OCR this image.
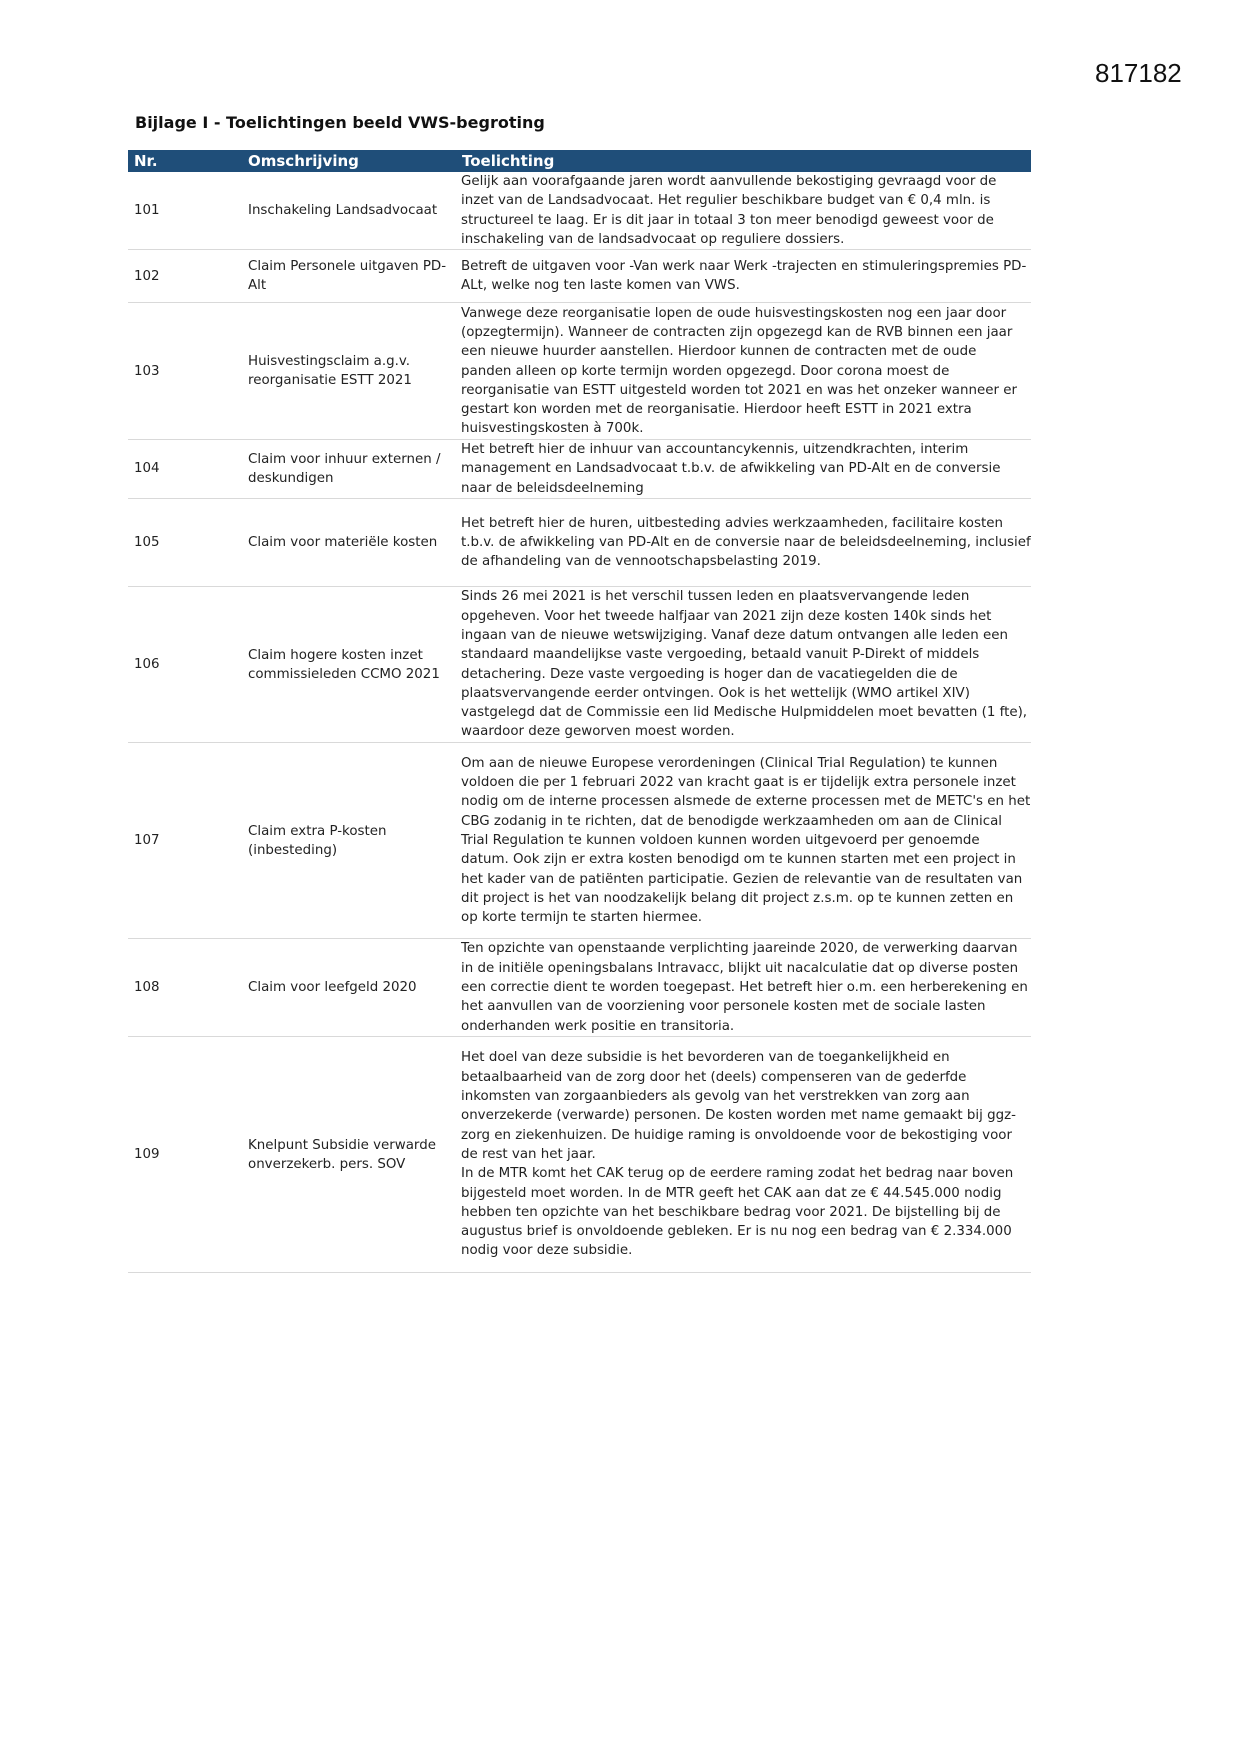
817182
Bijlage I - Toelichtingen beeld VWS-begroting
Nr.	Omschrijving	Toelichting
101	Inschakeling Landsadvocaat	Gelijk aan voorafgaande jaren wordt aanvullende bekostiging gevraagd voor de inzet van de Landsadvocaat. Het regulier beschikbare budget van € 0,4 mln. is structureel te laag. Er is dit jaar in totaal 3 ton meer benodigd geweest voor de inschakeling van de landsadvocaat op reguliere dossiers.
102	Claim Personele uitgaven PD-Alt	Betreft de uitgaven voor -Van werk naar Werk -trajecten en stimuleringspremies PD-ALt, welke nog ten laste komen van VWS.
103	Huisvestingsclaim a.g.v. reorganisatie ESTT 2021	Vanwege deze reorganisatie lopen de oude huisvestingskosten nog een jaar door (opzegtermijn). Wanneer de contracten zijn opgezegd kan de RVB binnen een jaar een nieuwe huurder aanstellen. Hierdoor kunnen de contracten met de oude panden alleen op korte termijn worden opgezegd. Door corona moest de reorganisatie van ESTT uitgesteld worden tot 2021 en was het onzeker wanneer er gestart kon worden met de reorganisatie. Hierdoor heeft ESTT in 2021 extra huisvestingskosten à 700k.
104	Claim voor inhuur externen / deskundigen	Het betreft hier de inhuur van accountancykennis, uitzendkrachten, interim management en Landsadvocaat t.b.v. de afwikkeling van PD-Alt en de conversie naar de beleidsdeelneming
105	Claim voor materiële kosten	Het betreft hier de huren, uitbesteding advies werkzaamheden, facilitaire kosten t.b.v. de afwikkeling van PD-Alt en de conversie naar de beleidsdeelneming, inclusief de afhandeling van de vennootschapsbelasting 2019.
106	Claim hogere kosten inzet commissieleden CCMO 2021	Sinds 26 mei 2021 is het verschil tussen leden en plaatsvervangende leden opgeheven. Voor het tweede halfjaar van 2021 zijn deze kosten 140k sinds het ingaan van de nieuwe wetswijziging. Vanaf deze datum ontvangen alle leden een standaard maandelijkse vaste vergoeding, betaald vanuit P-Direkt of middels detachering. Deze vaste vergoeding is hoger dan de vacatiegelden die de plaatsvervangende eerder ontvingen. Ook is het wettelijk (WMO artikel XIV) vastgelegd dat de Commissie een lid Medische Hulpmiddelen moet bevatten (1 fte), waardoor deze geworven moest worden.
107	Claim extra P-kosten (inbesteding)	Om aan de nieuwe Europese verordeningen (Clinical Trial Regulation) te kunnen voldoen die per 1 februari 2022 van kracht gaat is er tijdelijk extra personele inzet nodig om de interne processen alsmede de externe processen met de METC's en het CBG zodanig in te richten, dat de benodigde werkzaamheden om aan de Clinical Trial Regulation te kunnen voldoen kunnen worden uitgevoerd per genoemde datum. Ook zijn er extra kosten benodigd om te kunnen starten met een project in het kader van de patiënten participatie. Gezien de relevantie van de resultaten van dit project is het van noodzakelijk belang dit project z.s.m. op te kunnen zetten en op korte termijn te starten hiermee.
108	Claim voor leefgeld 2020	Ten opzichte van openstaande verplichting jaareinde 2020, de verwerking daarvan in de initiële openingsbalans Intravacc, blijkt uit nacalculatie dat op diverse posten een correctie dient te worden toegepast. Het betreft hier o.m. een herberekening en het aanvullen van de voorziening voor personele kosten met de sociale lasten onderhanden werk positie en transitoria.
109	Knelpunt Subsidie verwarde onverzekerb. pers. SOV	Het doel van deze subsidie is het bevorderen van de toegankelijkheid en betaalbaarheid van de zorg door het (deels) compenseren van de gederfde inkomsten van zorgaanbieders als gevolg van het verstrekken van zorg aan onverzekerde (verwarde) personen. De kosten worden met name gemaakt bij ggz-zorg en ziekenhuizen. De huidige raming is onvoldoende voor de bekostiging voor de rest van het jaar.
In de MTR komt het CAK terug op de eerdere raming zodat het bedrag naar boven bijgesteld moet worden. In de MTR geeft het CAK aan dat ze € 44.545.000 nodig hebben ten opzichte van het beschikbare bedrag voor 2021. De bijstelling bij de augustus brief is onvoldoende gebleken. Er is nu nog een bedrag van € 2.334.000 nodig voor deze subsidie.
